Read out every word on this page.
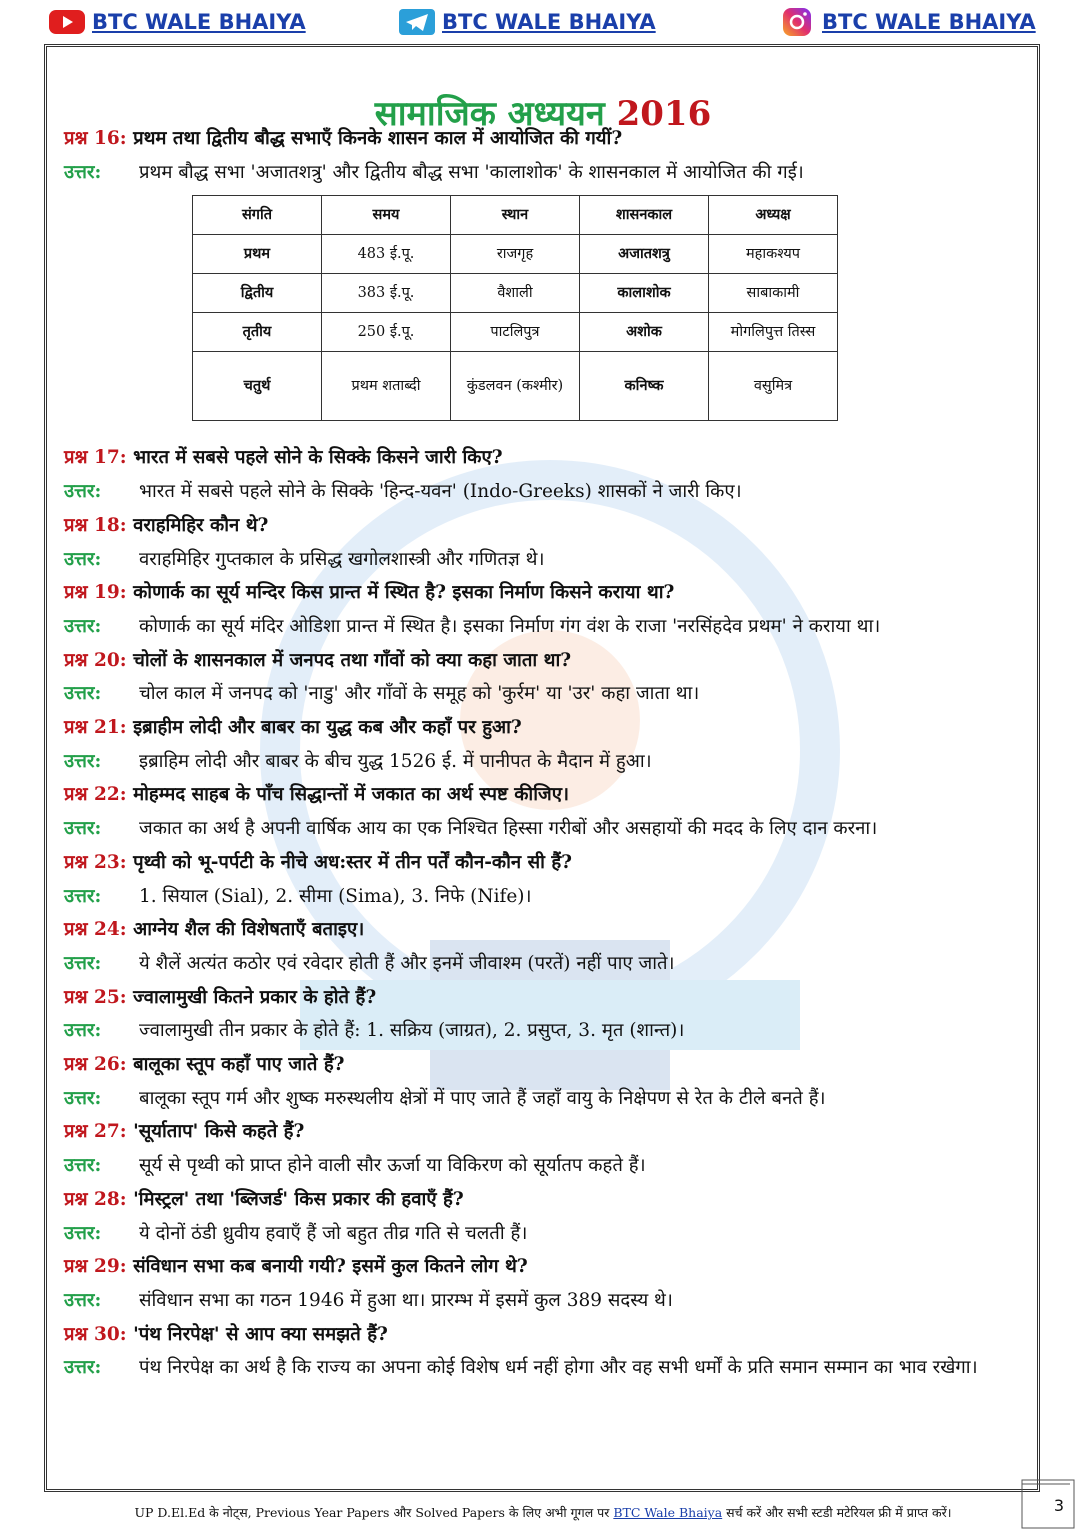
BTC WALE BHAIYA	BTC WALE BHAIYA	BTC WALE BHAIYA
सामाजिक अध्ययन 2016
प्रश्न 16: प्रथम तथा द्वितीय बौद्ध सभाएँ किनके शासन काल में आयोजित की गयीं?
उत्तर:	प्रथम बौद्ध सभा 'अजातशत्रु' और द्वितीय बौद्ध सभा 'कालाशोक' के शासनकाल में आयोजित की गई।
संगति	समय	स्थान	शासनकाल	अध्यक्ष
प्रथम	483 ई.पू.	राजगृह	अजातशत्रु	महाकश्यप
द्वितीय	383 ई.पू.	वैशाली	कालाशोक	साबाकामी
तृतीय	250 ई.पू.	पाटलिपुत्र	अशोक	मोगलिपुत्त तिस्स
चतुर्थ	प्रथम शताब्दी	कुंडलवन (कश्मीर)	कनिष्क	वसुमित्र
प्रश्न 17: भारत में सबसे पहले सोने के सिक्के किसने जारी किए?
उत्तर:	भारत में सबसे पहले सोने के सिक्के 'हिन्द-यवन' (Indo-Greeks) शासकों ने जारी किए।
प्रश्न 18: वराहमिहिर कौन थे?
उत्तर:	वराहमिहिर गुप्तकाल के प्रसिद्ध खगोलशास्त्री और गणितज्ञ थे।
प्रश्न 19: कोणार्क का सूर्य मन्दिर किस प्रान्त में स्थित है? इसका निर्माण किसने कराया था?
उत्तर:	कोणार्क का सूर्य मंदिर ओडिशा प्रान्त में स्थित है। इसका निर्माण गंग वंश के राजा 'नरसिंहदेव प्रथम' ने कराया था।
प्रश्न 20: चोलों के शासनकाल में जनपद तथा गाँवों को क्या कहा जाता था?
उत्तर:	चोल काल में जनपद को 'नाडु' और गाँवों के समूह को 'कुर्रम' या 'उर' कहा जाता था।
प्रश्न 21: इब्राहीम लोदी और बाबर का युद्ध कब और कहाँ पर हुआ?
उत्तर:	इब्राहिम लोदी और बाबर के बीच युद्ध 1526 ई. में पानीपत के मैदान में हुआ।
प्रश्न 22: मोहम्मद साहब के पाँच सिद्धान्तों में जकात का अर्थ स्पष्ट कीजिए।
उत्तर:	जकात का अर्थ है अपनी वार्षिक आय का एक निश्चित हिस्सा गरीबों और असहायों की मदद के लिए दान करना।
प्रश्न 23: पृथ्वी को भू-पर्पटी के नीचे अध:स्तर में तीन पर्तें कौन-कौन सी हैं?
उत्तर:	1. सियाल (Sial), 2. सीमा (Sima), 3. निफे (Nife)।
प्रश्न 24: आग्नेय शैल की विशेषताएँ बताइए।
उत्तर:	ये शैलें अत्यंत कठोर एवं रवेदार होती हैं और इनमें जीवाश्म (परतें) नहीं पाए जाते।
प्रश्न 25: ज्वालामुखी कितने प्रकार के होते हैं?
उत्तर:	ज्वालामुखी तीन प्रकार के होते हैं: 1. सक्रिय (जाग्रत), 2. प्रसुप्त, 3. मृत (शान्त)।
प्रश्न 26: बालूका स्तूप कहाँ पाए जाते हैं?
उत्तर:	बालूका स्तूप गर्म और शुष्क मरुस्थलीय क्षेत्रों में पाए जाते हैं जहाँ वायु के निक्षेपण से रेत के टीले बनते हैं।
प्रश्न 27: 'सूर्याताप' किसे कहते हैं?
उत्तर:	सूर्य से पृथ्वी को प्राप्त होने वाली सौर ऊर्जा या विकिरण को सूर्यातप कहते हैं।
प्रश्न 28: 'मिस्ट्रल' तथा 'ब्लिजर्ड' किस प्रकार की हवाएँ हैं?
उत्तर:	ये दोनों ठंडी ध्रुवीय हवाएँ हैं जो बहुत तीव्र गति से चलती हैं।
प्रश्न 29: संविधान सभा कब बनायी गयी? इसमें कुल कितने लोग थे?
उत्तर:	संविधान सभा का गठन 1946 में हुआ था। प्रारम्भ में इसमें कुल 389 सदस्य थे।
प्रश्न 30: 'पंथ निरपेक्ष' से आप क्या समझते हैं?
उत्तर:	पंथ निरपेक्ष का अर्थ है कि राज्य का अपना कोई विशेष धर्म नहीं होगा और वह सभी धर्मों के प्रति समान सम्मान का भाव रखेगा।
UP D.El.Ed के नोट्स, Previous Year Papers और Solved Papers के लिए अभी गूगल पर BTC Wale Bhaiya सर्च करें और सभी स्टडी मटेरियल फ्री में प्राप्त करें।	3
